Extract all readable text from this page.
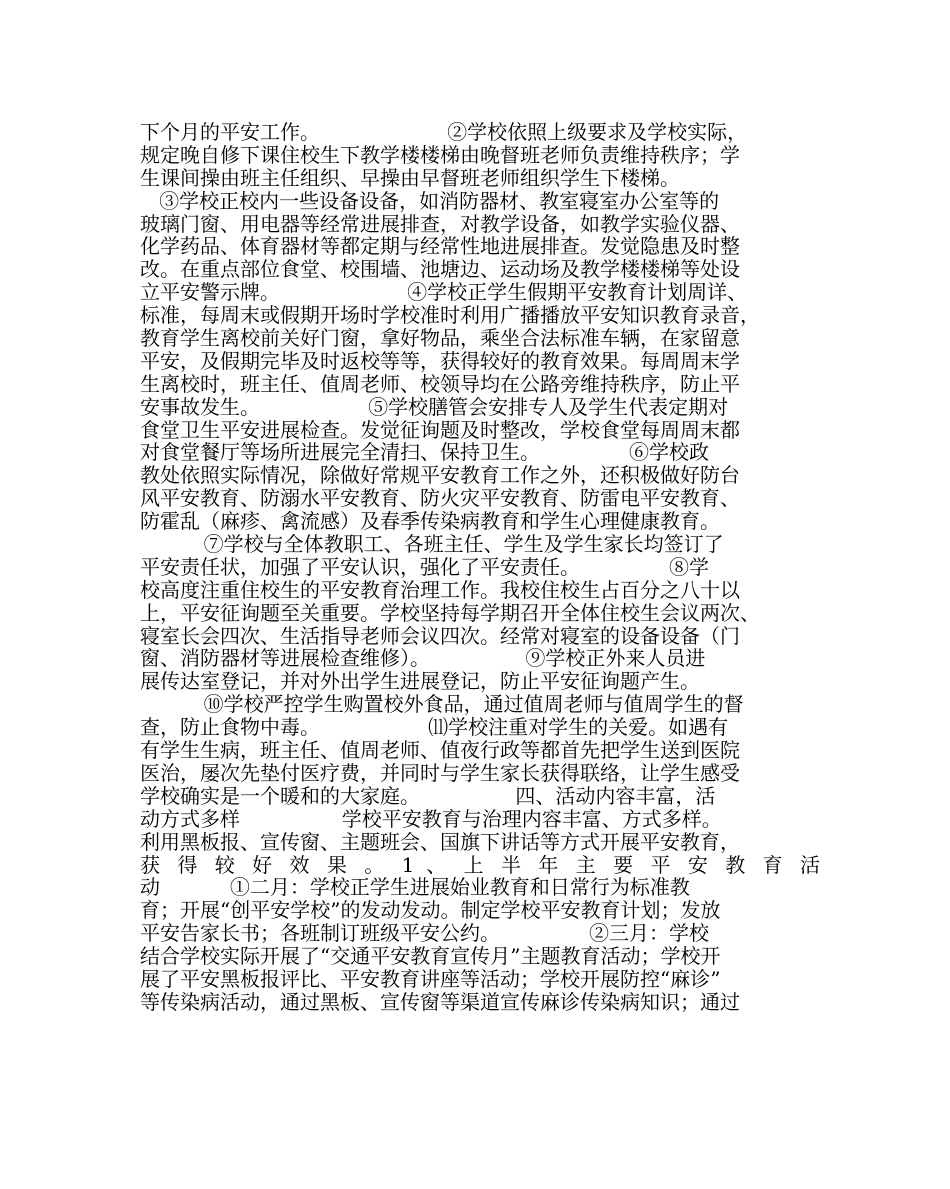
下个月的平安工作。                    ②学校依照上级要求及学校实际，
规定晚自修下课住校生下教学楼楼梯由晚督班老师负责维持秩序；学
生课间操由班主任组织、早操由早督班老师组织学生下楼梯。
③学校正校内一些设备设备，如消防器材、教室寝室办公室等的
玻璃门窗、用电器等经常进展排查，对教学设备，如教学实验仪器、
化学药品、体育器材等都定期与经常性地进展排查。发觉隐患及时整
改。在重点部位食堂、校围墙、池塘边、运动场及教学楼楼梯等处设
立平安警示牌。                    ④学校正学生假期平安教育计划周详、
标准，每周末或假期开场时学校准时利用广播播放平安知识教育录音，
教育学生离校前关好门窗，拿好物品，乘坐合法标准车辆，在家留意
平安，及假期完毕及时返校等等，获得较好的教育效果。每周周末学
生离校时，班主任、值周老师、校领导均在公路旁维持秩序，防止平
安事故发生。                 ⑤学校膳管会安排专人及学生代表定期对
食堂卫生平安进展检查。发觉征询题及时整改，学校食堂每周周末都
对食堂餐厅等场所进展完全清扫、保持卫生。              ⑥学校政
教处依照实际情况，除做好常规平安教育工作之外，还积极做好防台
风平安教育、防溺水平安教育、防火灾平安教育、防雷电平安教育、
防霍乱（麻疹、禽流感）及春季传染病教育和学生心理健康教育。
⑦学校与全体教职工、各班主任、学生及学生家长均签订了
平安责任状，加强了平安认识，强化了平安责任。              ⑧学
校高度注重住校生的平安教育治理工作。我校住校生占百分之八十以
上，平安征询题至关重要。学校坚持每学期召开全体住校生会议两次、
寝室长会四次、生活指导老师会议四次。经常对寝室的设备设备（门
窗、消防器材等进展检查维修）。               ⑨学校正外来人员进
展传达室登记，并对外出学生进展登记，防止平安征询题产生。
⑩学校严控学生购置校外食品，通过值周老师与值周学生的督
查，防止食物中毒。                 ⑾学校注重对学生的关爱。如遇有
有学生生病，班主任、值周老师、值夜行政等都首先把学生送到医院
医治，屡次先垫付医疗费，并同时与学生家长获得联络，让学生感受
学校确实是一个暖和的大家庭。               四、活动内容丰富，活
动方式多样                学校平安教育与治理内容丰富、方式多样。
利用黑板报、宣传窗、主题班会、国旗下讲话等方式开展平安教育，
获 得 较 好 效 果 。 1 、 上 半 年 主 要 平 安 教 育 活
动           ①二月：学校正学生进展始业教育和日常行为标准教
育；开展“创平安学校”的发动发动。制定学校平安教育计划；发放
平安告家长书；各班制订班级平安公约。              ②三月：学校
结合学校实际开展了“交通平安教育宣传月”主题教育活动；学校开
展了平安黑板报评比、平安教育讲座等活动；学校开展防控“麻诊”
等传染病活动，通过黑板、宣传窗等渠道宣传麻诊传染病知识；通过
